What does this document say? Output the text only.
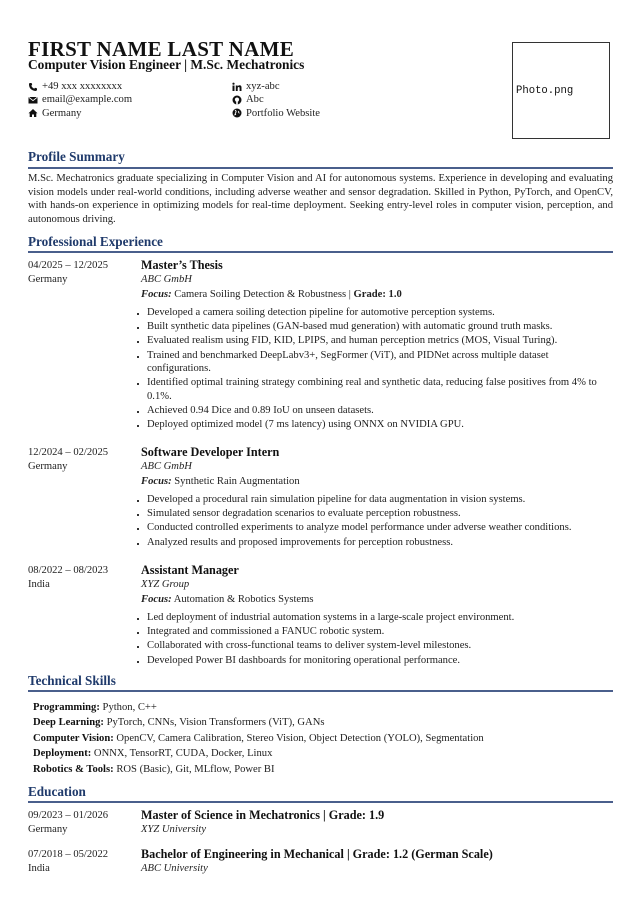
FIRST NAME LAST NAME
Computer Vision Engineer | M.Sc. Mechatronics
+49 xxx xxxxxxxx
email@example.com
Germany
xyz-abc
Abc
Portfolio Website
Photo.png
Profile Summary
M.Sc. Mechatronics graduate specializing in Computer Vision and AI for autonomous systems. Experience in developing and evaluating vision models under real-world conditions, including adverse weather and sensor degradation. Skilled in Python, PyTorch, and OpenCV, with hands-on experience in optimizing models for real-time deployment. Seeking entry-level roles in computer vision, perception, and autonomous driving.
Professional Experience
04/2025 – 12/2025
Germany
Master’s Thesis
ABC GmbH
Focus: Camera Soiling Detection & Robustness | Grade: 1.0
Developed a camera soiling detection pipeline for automotive perception systems.
Built synthetic data pipelines (GAN-based mud generation) with automatic ground truth masks.
Evaluated realism using FID, KID, LPIPS, and human perception metrics (MOS, Visual Turing).
Trained and benchmarked DeepLabv3+, SegFormer (ViT), and PIDNet across multiple dataset configurations.
Identified optimal training strategy combining real and synthetic data, reducing false positives from 4% to 0.1%.
Achieved 0.94 Dice and 0.89 IoU on unseen datasets.
Deployed optimized model (7 ms latency) using ONNX on NVIDIA GPU.
12/2024 – 02/2025
Germany
Software Developer Intern
ABC GmbH
Focus: Synthetic Rain Augmentation
Developed a procedural rain simulation pipeline for data augmentation in vision systems.
Simulated sensor degradation scenarios to evaluate perception robustness.
Conducted controlled experiments to analyze model performance under adverse weather conditions.
Analyzed results and proposed improvements for perception robustness.
08/2022 – 08/2023
India
Assistant Manager
XYZ Group
Focus: Automation & Robotics Systems
Led deployment of industrial automation systems in a large-scale project environment.
Integrated and commissioned a FANUC robotic system.
Collaborated with cross-functional teams to deliver system-level milestones.
Developed Power BI dashboards for monitoring operational performance.
Technical Skills
Programming: Python, C++
Deep Learning: PyTorch, CNNs, Vision Transformers (ViT), GANs
Computer Vision: OpenCV, Camera Calibration, Stereo Vision, Object Detection (YOLO), Segmentation
Deployment: ONNX, TensorRT, CUDA, Docker, Linux
Robotics & Tools: ROS (Basic), Git, MLflow, Power BI
Education
09/2023 – 01/2026
Germany
Master of Science in Mechatronics | Grade: 1.9
XYZ University
07/2018 – 05/2022
India
Bachelor of Engineering in Mechanical | Grade: 1.2 (German Scale)
ABC University
